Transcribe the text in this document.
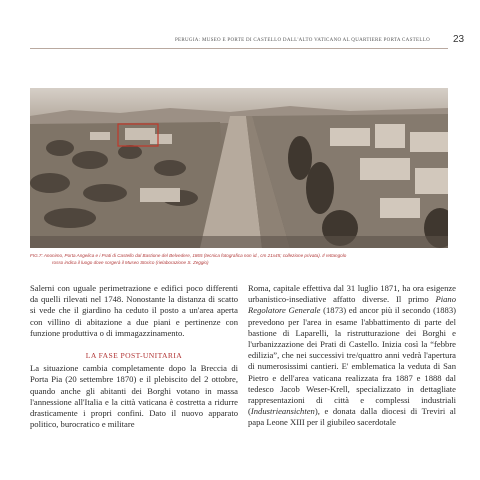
PERUGIA: MUSEO E PORTE DI CASTELLO DALL'ALTO VATICANO AL QUARTIERE PORTA CASTELLO 23
FIG.7: Anonimo, Porta Angelica e i Prati di Castello dal Bastione del Belvedere, 1865 (tecnica fotografica non id., cm 21x45; collezione privata). Il rettangolo
rosso indica il luogo dove sorgerà il Museo Storico (rielaborazione S. Zeggio)

Salerni con uguale perimetrazione e edifici poco differenti da quelli rilevati nel 1748. Nonostante la distanza di scatto si vede che il giardino ha ceduto il posto a un'area aperta con villino di abitazione a due piani e pertinenze con funzione produttiva o di immagazzinamento.

LA FASE POST-UNITARIA

La situazione cambia completamente dopo la Breccia di Porta Pia (20 settembre 1870) e il plebiscito del 2 ottobre, quando anche gli abitanti dei Borghi votano in massa l'annessione all'Italia e la città vaticana è costretta a ridurre drasticamente i propri confini. Dato il nuovo apparato politico, burocratico e militare

Roma, capitale effettiva dal 31 luglio 1871, ha ora esigenze urbanistico-insediative affatto diverse. Il primo Piano Regolatore Generale (1873) ed ancor più il secondo (1883) prevedono per l'area in esame l'abbattimento di parte del bastione di Laparelli, la ristrutturazione dei Borghi e l'urbanizzazione dei Prati di Castello. Inizia così la “febbre edilizia”, che nei successivi tre/quattro anni vedrà l'apertura di numerosissimi cantieri. E' emblematica la veduta di San Pietro e dell'area vaticana realizzata fra 1887 e 1888 dal tedesco Jacob Weser-Krell, specializzato in dettagliate rappresentazioni di città e complessi industriali (Industrieansichten), e donata dalla diocesi di Treviri al papa Leone XIII per il giubileo sacerdotale
